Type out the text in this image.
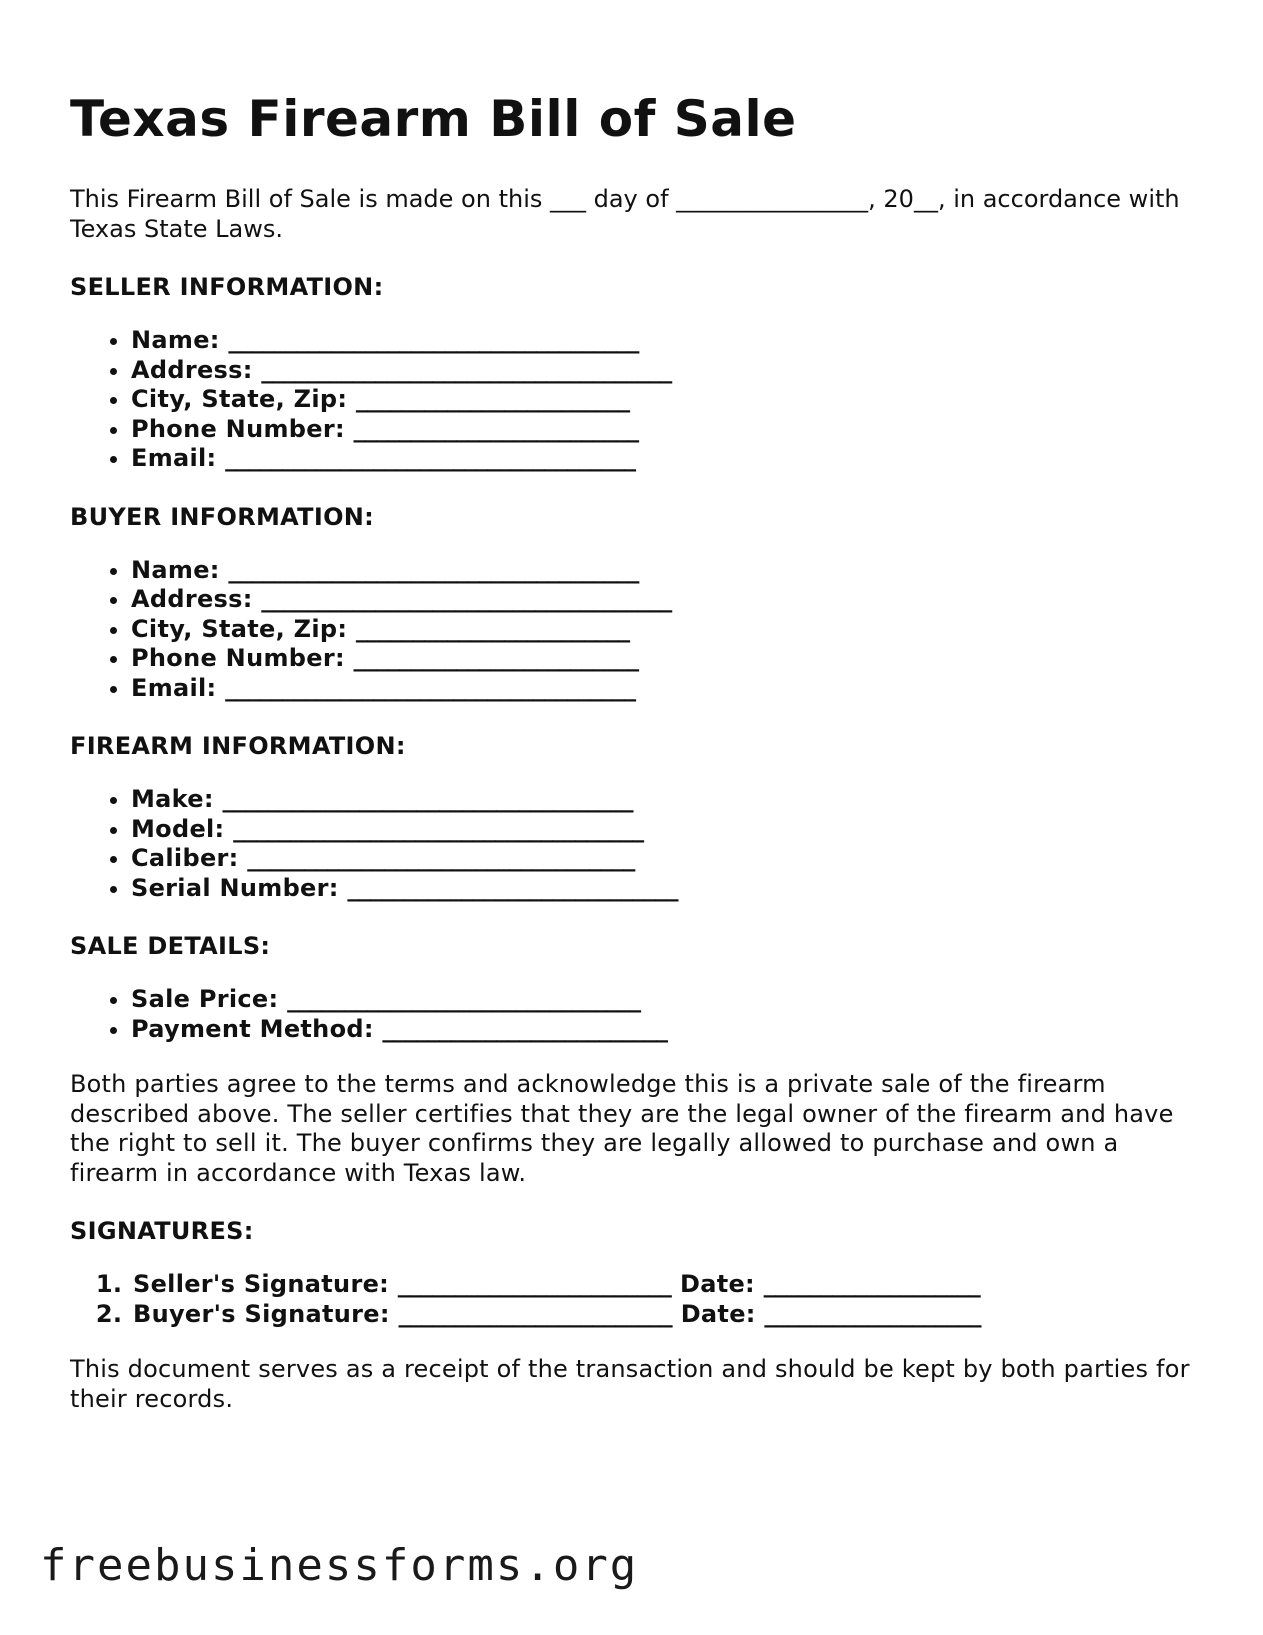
Texas Firearm Bill of Sale

This Firearm Bill of Sale is made on this ___ day of ________________, 20__, in accordance with Texas State Laws.

SELLER INFORMATION:
• Name: ____________________________________
• Address: ____________________________________
• City, State, Zip: ________________________
• Phone Number: _________________________
• Email: ____________________________________
BUYER INFORMATION:
• Name: ____________________________________
• Address: ____________________________________
• City, State, Zip: ________________________
• Phone Number: _________________________
• Email: ____________________________________
FIREARM INFORMATION:
• Make: ____________________________________
• Model: ____________________________________
• Caliber: __________________________________
• Serial Number: _____________________________
SALE DETAILS:
• Sale Price: _______________________________
• Payment Method: _________________________

Both parties agree to the terms and acknowledge this is a private sale of the firearm described above. The seller certifies that they are the legal owner of the firearm and have the right to sell it. The buyer confirms they are legally allowed to purchase and own a firearm in accordance with Texas law.

SIGNATURES:
1. Seller's Signature: ________________________ Date: ___________________
2. Buyer's Signature: ________________________ Date: ___________________

This document serves as a receipt of the transaction and should be kept by both parties for their records.

freebusinessforms.org
